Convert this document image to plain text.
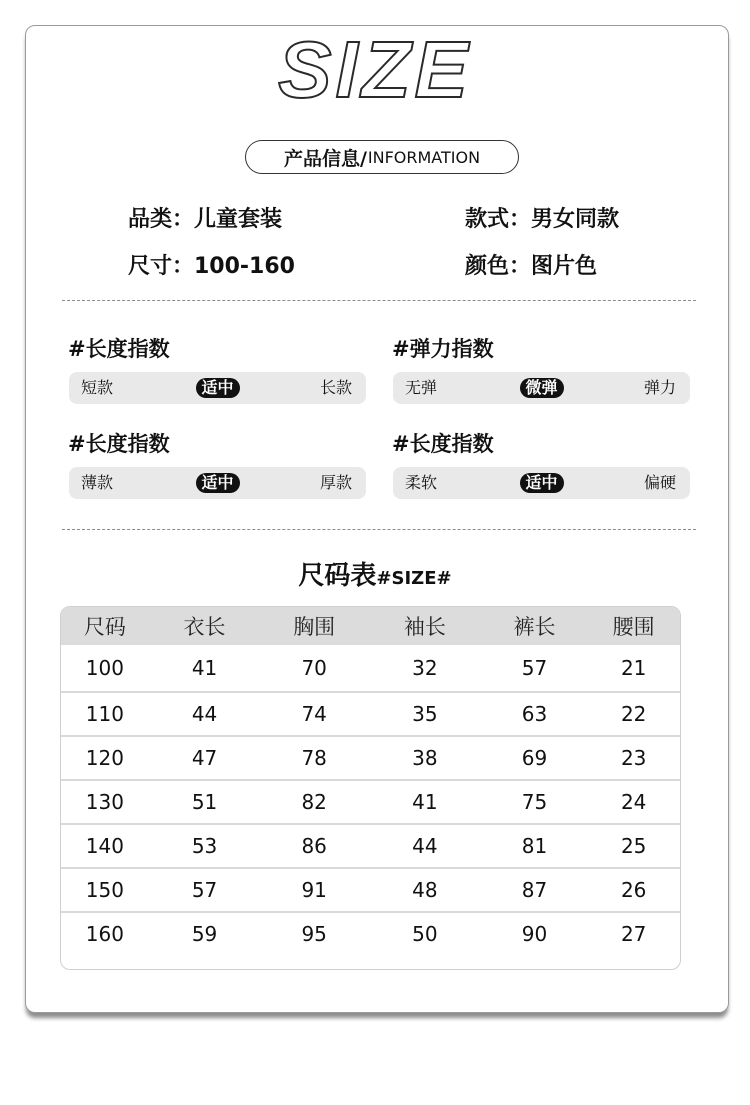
SIZE
产品信息/ INFORMATION
品类：儿童套装	款式：男女同款
尺寸：100-160	颜色：图片色
#长度指数
短款	适中	长款
#弹力指数
无弹	微弹	弹力
#长度指数
薄款	适中	厚款
#长度指数
柔软	适中	偏硬
尺码表#SIZE#
尺码	衣长	胸围	袖长	裤长	腰围
100	41	70	32	57	21
110	44	74	35	63	22
120	47	78	38	69	23
130	51	82	41	75	24
140	53	86	44	81	25
150	57	91	48	87	26
160	59	95	50	90	27
